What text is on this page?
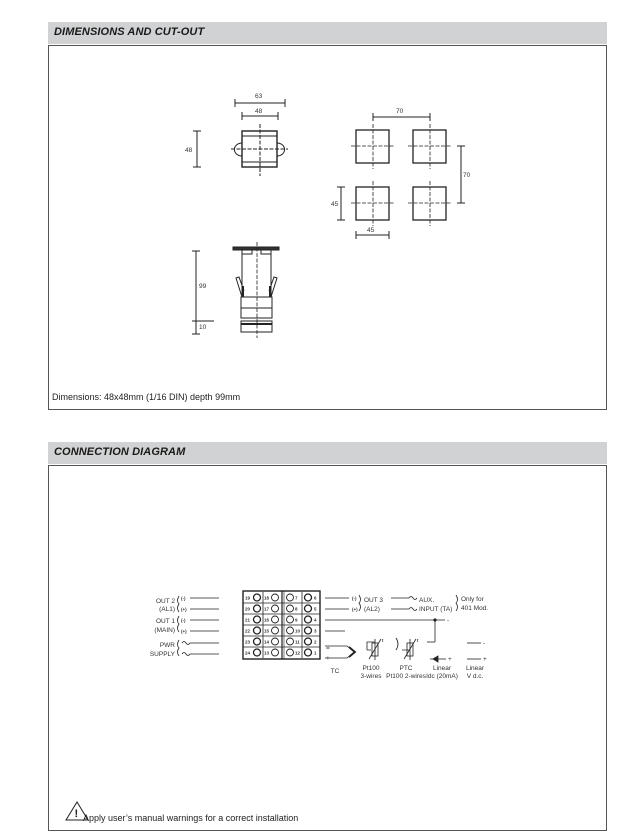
DIMENSIONS AND CUT-OUT
63
48
48
70
70
45
45
99
10
Dimensions: 48x48mm (1/16 DIN) depth 99mm
CONNECTION DIAGRAM
OUT 2
(AL1)
OUT 1
(MAIN)
PWR
SUPPLY
(-)
(+)
(-)
(+)
19	18	7	6
20	17	8	5
21	16	9	4
22	15	10	3
23	14	11	2
24	13	12	1
(-)
(+)
OUT 3
(AL2)
AUX.
INPUT (TA)
Only for
401 Mod.
-
+
-
+
=
+
t	t
TC	Pt100
3-wires
PTC
Pt100 2-wires
Linear
Idc (20mA)
Linear
V d.c.
! Apply user’s manual warnings for a correct installation
